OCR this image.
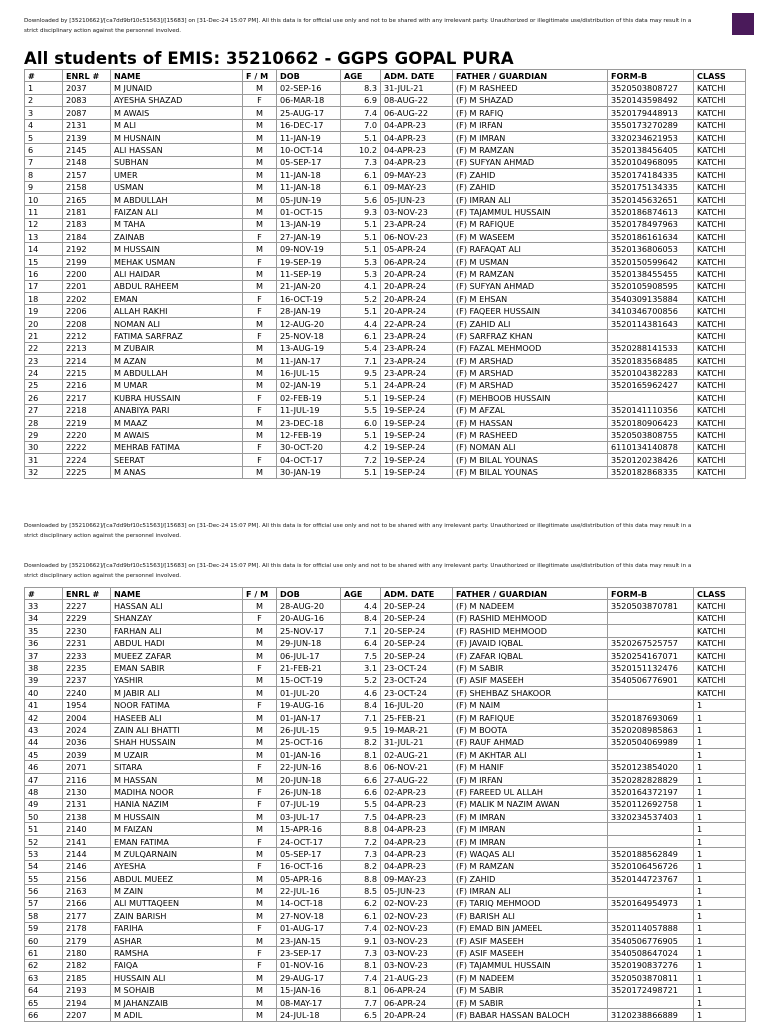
Downloaded by [35210662]/[ca7dd9bf10c51563]/[15683] on [31-Dec-24 15:07 PM]. All this data is for official use only and not to be shared with any irrelevant party. Unauthorized or illegitimate use/distribution of this data may result in a strict disciplinary action against the personnel involved.
All students of EMIS: 35210662 - GGPS GOPAL PURA
#	ENRL #	NAME	F / M	DOB	AGE	ADM. DATE	FATHER / GUARDIAN	FORM-B	CLASS
1	2037	M JUNAID	M	02-SEP-16	8.3	31-JUL-21	(F) M RASHEED	3520503808727	KATCHI
2	2083	AYESHA SHAZAD	F	06-MAR-18	6.9	08-AUG-22	(F) M SHAZAD	3520143598492	KATCHI
3	2087	M AWAIS	M	25-AUG-17	7.4	06-AUG-22	(F) M RAFIQ	3520179448913	KATCHI
4	2131	M ALI	M	16-DEC-17	7.0	04-APR-23	(F) M IRFAN	3550173270289	KATCHI
5	2139	M HUSNAIN	M	11-JAN-19	5.1	04-APR-23	(F) M IMRAN	3320234621953	KATCHI
6	2145	ALI HASSAN	M	10-OCT-14	10.2	04-APR-23	(F) M RAMZAN	3520138456405	KATCHI
7	2148	SUBHAN	M	05-SEP-17	7.3	04-APR-23	(F) SUFYAN AHMAD	3520104968095	KATCHI
8	2157	UMER	M	11-JAN-18	6.1	09-MAY-23	(F) ZAHID	3520174184335	KATCHI
9	2158	USMAN	M	11-JAN-18	6.1	09-MAY-23	(F) ZAHID	3520175134335	KATCHI
10	2165	M ABDULLAH	M	05-JUN-19	5.6	05-JUN-23	(F) IMRAN ALI	3520145632651	KATCHI
11	2181	FAIZAN ALI	M	01-OCT-15	9.3	03-NOV-23	(F) TAJAMMUL HUSSAIN	3520186874613	KATCHI
12	2183	M TAHA	M	13-JAN-19	5.1	23-APR-24	(F) M RAFIQUE	3520178497963	KATCHI
13	2184	ZAINAB	F	27-JAN-19	5.1	06-NOV-23	(F) M WASEEM	3520186161634	KATCHI
14	2192	M HUSSAIN	M	09-NOV-19	5.1	05-APR-24	(F) RAFAQAT ALI	3520136806053	KATCHI
15	2199	MEHAK USMAN	F	19-SEP-19	5.3	06-APR-24	(F) M USMAN	3520150599642	KATCHI
16	2200	ALI HAIDAR	M	11-SEP-19	5.3	20-APR-24	(F) M RAMZAN	3520138455455	KATCHI
17	2201	ABDUL RAHEEM	M	21-JAN-20	4.1	20-APR-24	(F) SUFYAN AHMAD	3520105908595	KATCHI
18	2202	EMAN	F	16-OCT-19	5.2	20-APR-24	(F) M EHSAN	3540309135884	KATCHI
19	2206	ALLAH RAKHI	F	28-JAN-19	5.1	20-APR-24	(F) FAQEER HUSSAIN	3410346700856	KATCHI
20	2208	NOMAN ALI	M	12-AUG-20	4.4	22-APR-24	(F) ZAHID ALI	3520114381643	KATCHI
21	2212	FATIMA SARFRAZ	F	25-NOV-18	6.1	23-APR-24	(F) SARFRAZ KHAN		KATCHI
22	2213	M ZUBAIR	M	13-AUG-19	5.4	23-APR-24	(F) FAZAL MEHMOOD	3520288141533	KATCHI
23	2214	M AZAN	M	11-JAN-17	7.1	23-APR-24	(F) M ARSHAD	3520183568485	KATCHI
24	2215	M ABDULLAH	M	16-JUL-15	9.5	23-APR-24	(F) M ARSHAD	3520104382283	KATCHI
25	2216	M UMAR	M	02-JAN-19	5.1	24-APR-24	(F) M ARSHAD	3520165962427	KATCHI
26	2217	KUBRA HUSSAIN	F	02-FEB-19	5.1	19-SEP-24	(F) MEHBOOB HUSSAIN		KATCHI
27	2218	ANABIYA PARI	F	11-JUL-19	5.5	19-SEP-24	(F) M AFZAL	3520141110356	KATCHI
28	2219	M MAAZ	M	23-DEC-18	6.0	19-SEP-24	(F) M HASSAN	3520180906423	KATCHI
29	2220	M AWAIS	M	12-FEB-19	5.1	19-SEP-24	(F) M RASHEED	3520503808755	KATCHI
30	2222	MEHRAB FATIMA	F	30-OCT-20	4.2	19-SEP-24	(F) NOMAN ALI	6110134140878	KATCHI
31	2224	SEERAT	F	04-OCT-17	7.2	19-SEP-24	(F) M BILAL YOUNAS	3520120238426	KATCHI
32	2225	M ANAS	M	30-JAN-19	5.1	19-SEP-24	(F) M BILAL YOUNAS	3520182868335	KATCHI
Downloaded by [35210662]/[ca7dd9bf10c51563]/[15683] on [31-Dec-24 15:07 PM]. All this data is for official use only and not to be shared with any irrelevant party. Unauthorized or illegitimate use/distribution of this data may result in a strict disciplinary action against the personnel involved.
Downloaded by [35210662]/[ca7dd9bf10c51563]/[15683] on [31-Dec-24 15:07 PM]. All this data is for official use only and not to be shared with any irrelevant party. Unauthorized or illegitimate use/distribution of this data may result in a strict disciplinary action against the personnel involved.
#	ENRL #	NAME	F / M	DOB	AGE	ADM. DATE	FATHER / GUARDIAN	FORM-B	CLASS
33	2227	HASSAN ALI	M	28-AUG-20	4.4	20-SEP-24	(F) M NADEEM	3520503870781	KATCHI
34	2229	SHANZAY	F	20-AUG-16	8.4	20-SEP-24	(F) RASHID MEHMOOD		KATCHI
35	2230	FARHAN ALI	M	25-NOV-17	7.1	20-SEP-24	(F) RASHID MEHMOOD		KATCHI
36	2231	ABDUL HADI	M	29-JUN-18	6.4	20-SEP-24	(F) JAVAID IQBAL	3520267525757	KATCHI
37	2233	MUEEZ ZAFAR	M	06-JUL-17	7.5	20-SEP-24	(F) ZAFAR IQBAL	3520254167071	KATCHI
38	2235	EMAN SABIR	F	21-FEB-21	3.1	23-OCT-24	(F) M SABIR	3520151132476	KATCHI
39	2237	YASHIR	M	15-OCT-19	5.2	23-OCT-24	(F) ASIF MASEEH	3540506776901	KATCHI
40	2240	M JABIR ALI	M	01-JUL-20	4.6	23-OCT-24	(F) SHEHBAZ SHAKOOR		KATCHI
41	1954	NOOR FATIMA	F	19-AUG-16	8.4	16-JUL-20	(F) M NAIM		1
42	2004	HASEEB ALI	M	01-JAN-17	7.1	25-FEB-21	(F) M RAFIQUE	3520187693069	1
43	2024	ZAIN ALI BHATTI	M	26-JUL-15	9.5	19-MAR-21	(F) M BOOTA	3520208985863	1
44	2036	SHAH HUSSAIN	M	25-OCT-16	8.2	31-JUL-21	(F) RAUF AHMAD	3520504069989	1
45	2039	M UZAIR	M	01-JAN-16	8.1	02-AUG-21	(F) M AKHTAR ALI		1
46	2071	SITARA	F	22-JUN-16	8.6	06-NOV-21	(F) M HANIF	3520123854020	1
47	2116	M HASSAN	M	20-JUN-18	6.6	27-AUG-22	(F) M IRFAN	3520282828829	1
48	2130	MADIHA NOOR	F	26-JUN-18	6.6	02-APR-23	(F) FAREED UL ALLAH	3520164372197	1
49	2131	HANIA NAZIM	F	07-JUL-19	5.5	04-APR-23	(F) MALIK M NAZIM AWAN	3520112692758	1
50	2138	M HUSSAIN	M	03-JUL-17	7.5	04-APR-23	(F) M IMRAN	3320234537403	1
51	2140	M FAIZAN	M	15-APR-16	8.8	04-APR-23	(F) M IMRAN		1
52	2141	EMAN FATIMA	F	24-OCT-17	7.2	04-APR-23	(F) M IMRAN		1
53	2144	M ZULQARNAIN	M	05-SEP-17	7.3	04-APR-23	(F) WAQAS ALI	3520188562849	1
54	2146	AYESHA	F	16-OCT-16	8.2	04-APR-23	(F) M RAMZAN	3520106456726	1
55	2156	ABDUL MUEEZ	M	05-APR-16	8.8	09-MAY-23	(F) ZAHID	3520144723767	1
56	2163	M ZAIN	M	22-JUL-16	8.5	05-JUN-23	(F) IMRAN ALI		1
57	2166	ALI MUTTAQEEN	M	14-OCT-18	6.2	02-NOV-23	(F) TARIQ MEHMOOD	3520164954973	1
58	2177	ZAIN BARISH	M	27-NOV-18	6.1	02-NOV-23	(F) BARISH ALI		1
59	2178	FARIHA	F	01-AUG-17	7.4	02-NOV-23	(F) EMAD BIN JAMEEL	3520114057888	1
60	2179	ASHAR	M	23-JAN-15	9.1	03-NOV-23	(F) ASIF MASEEH	3540506776905	1
61	2180	RAMSHA	F	23-SEP-17	7.3	03-NOV-23	(F) ASIF MASEEH	3540508647024	1
62	2182	FAIQA	F	01-NOV-16	8.1	03-NOV-23	(F) TAJAMMUL HUSSAIN	3520190837276	1
63	2185	HUSSAIN ALI	M	29-AUG-17	7.4	21-AUG-23	(F) M NADEEM	3520503870811	1
64	2193	M SOHAIB	M	15-JAN-16	8.1	06-APR-24	(F) M SABIR	3520172498721	1
65	2194	M JAHANZAIB	M	08-MAY-17	7.7	06-APR-24	(F) M SABIR		1
66	2207	M ADIL	M	24-JUL-18	6.5	20-APR-24	(F) BABAR HASSAN BALOCH	3120238866889	1
